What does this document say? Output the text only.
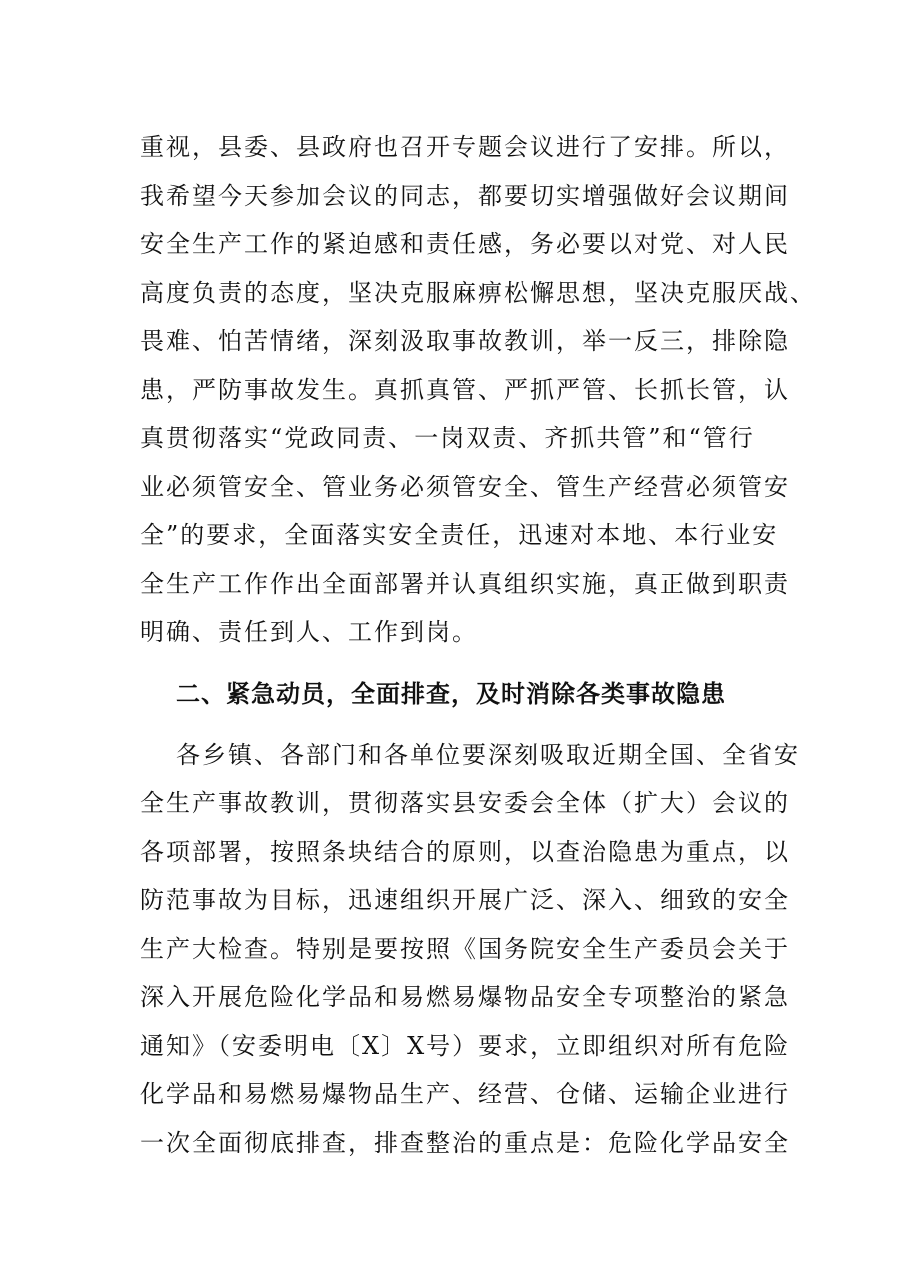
重视，县委、县政府也召开专题会议进行了安排。所以，
我希望今天参加会议的同志，都要切实增强做好会议期间
安全生产工作的紧迫感和责任感，务必要以对党、对人民
高度负责的态度，坚决克服麻痹松懈思想，坚决克服厌战、
畏难、怕苦情绪，深刻汲取事故教训，举一反三，排除隐
患，严防事故发生。真抓真管、严抓严管、长抓长管，认
真贯彻落实“党政同责、一岗双责、齐抓共管”和“管行
业必须管安全、管业务必须管安全、管生产经营必须管安
全”的要求，全面落实安全责任，迅速对本地、本行业安
全生产工作作出全面部署并认真组织实施，真正做到职责
明确、责任到人、工作到岗。
二、紧急动员，全面排查，及时消除各类事故隐患
各乡镇、各部门和各单位要深刻吸取近期全国、全省安
全生产事故教训，贯彻落实县安委会全体（扩大）会议的
各项部署，按照条块结合的原则，以查治隐患为重点，以
防范事故为目标，迅速组织开展广泛、深入、细致的安全
生产大检查。特别是要按照《国务院安全生产委员会关于
深入开展危险化学品和易燃易爆物品安全专项整治的紧急
通知》（安委明电〔X〕X号）要求，立即组织对所有危险
化学品和易燃易爆物品生产、经营、仓储、运输企业进行
一次全面彻底排查，排查整治的重点是：危险化学品安全
